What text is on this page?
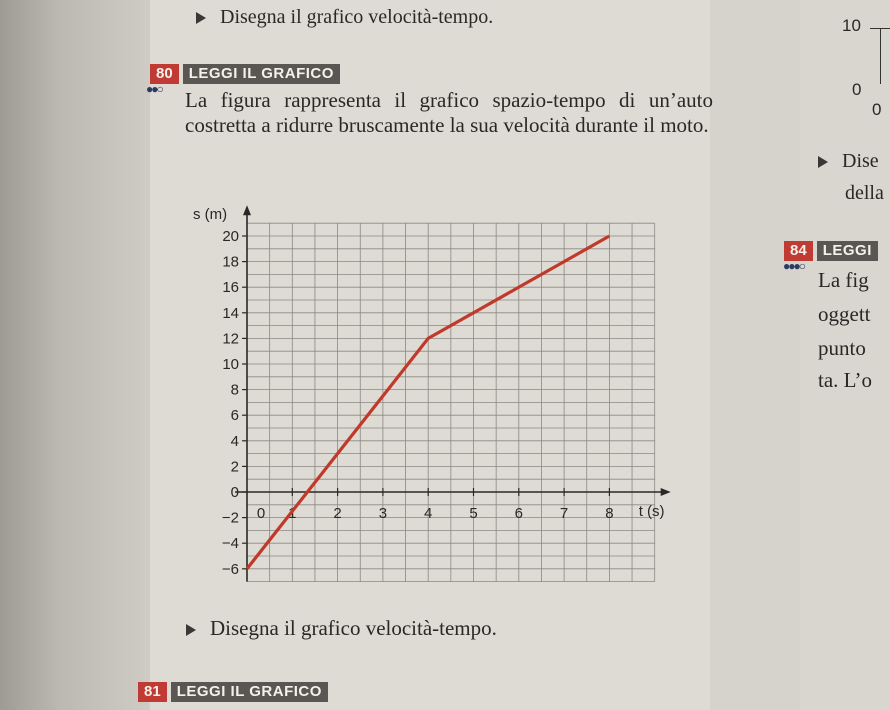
Disegna il grafico velocità-tempo.
80	LEGGI IL GRAFICO
●●○ La figura rappresenta il grafico spazio-tempo di un’auto costretta a ridurre bruscamente la sua velocità durante il moto.
−6
−4
−2
0
2
4
6
8
10
12
14
16
18
20
0 1 2 3 4 5 6 7 8
s (m)
t (s)
Disegna il grafico velocità-tempo.
81	LEGGI IL GRAFICO
10
0
0
Dise
della
84	LEGGI
●●●○
La fig
oggett
punto
ta. L’o
